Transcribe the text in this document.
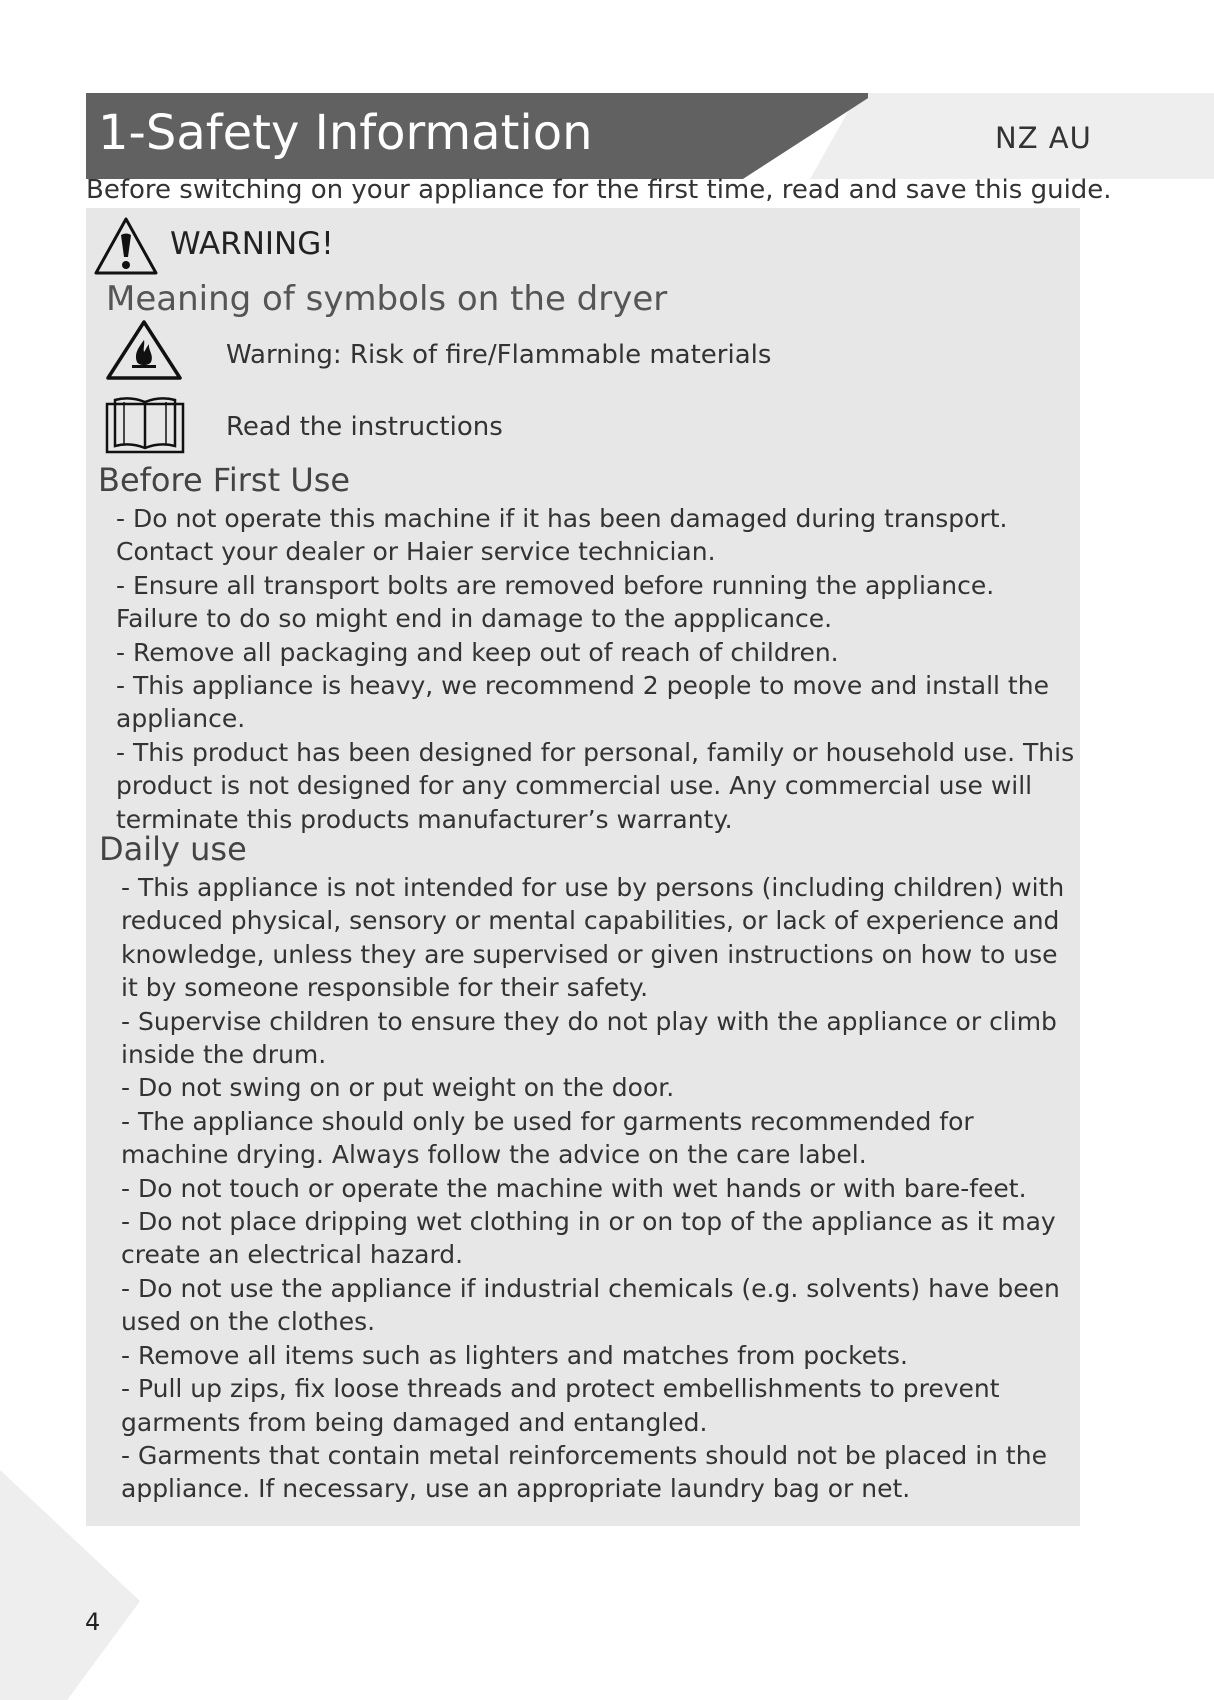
1-Safety Information	NZ AU
Before switching on your appliance for the first time, read and save this guide.
WARNING!
Meaning of symbols on the dryer
Warning: Risk of fire/Flammable materials
Read the instructions
Before First Use
- Do not operate this machine if it has been damaged during transport. Contact your dealer or Haier service technician.
- Ensure all transport bolts are removed before running the appliance. Failure to do so might end in damage to the appplicance.
- Remove all packaging and keep out of reach of children.
- This appliance is heavy, we recommend 2 people to move and install the appliance.
- This product has been designed for personal, family or household use. This product is not designed for any commercial use. Any commercial use will terminate this products manufacturer’s warranty.
Daily use
- This appliance is not intended for use by persons (including children) with reduced physical, sensory or mental capabilities, or lack of experience and knowledge, unless they are supervised or given instructions on how to use it by someone responsible for their safety.
- Supervise children to ensure they do not play with the appliance or climb inside the drum.
- Do not swing on or put weight on the door.
- The appliance should only be used for garments recommended for machine drying. Always follow the advice on the care label.
- Do not touch or operate the machine with wet hands or with bare-feet.
- Do not place dripping wet clothing in or on top of the appliance as it may create an electrical hazard.
- Do not use the appliance if industrial chemicals (e.g. solvents) have been used on the clothes.
- Remove all items such as lighters and matches from pockets.
- Pull up zips, fix loose threads and protect embellishments to prevent garments from being damaged and entangled.
- Garments that contain metal reinforcements should not be placed in the appliance. If necessary, use an appropriate laundry bag or net.
4
